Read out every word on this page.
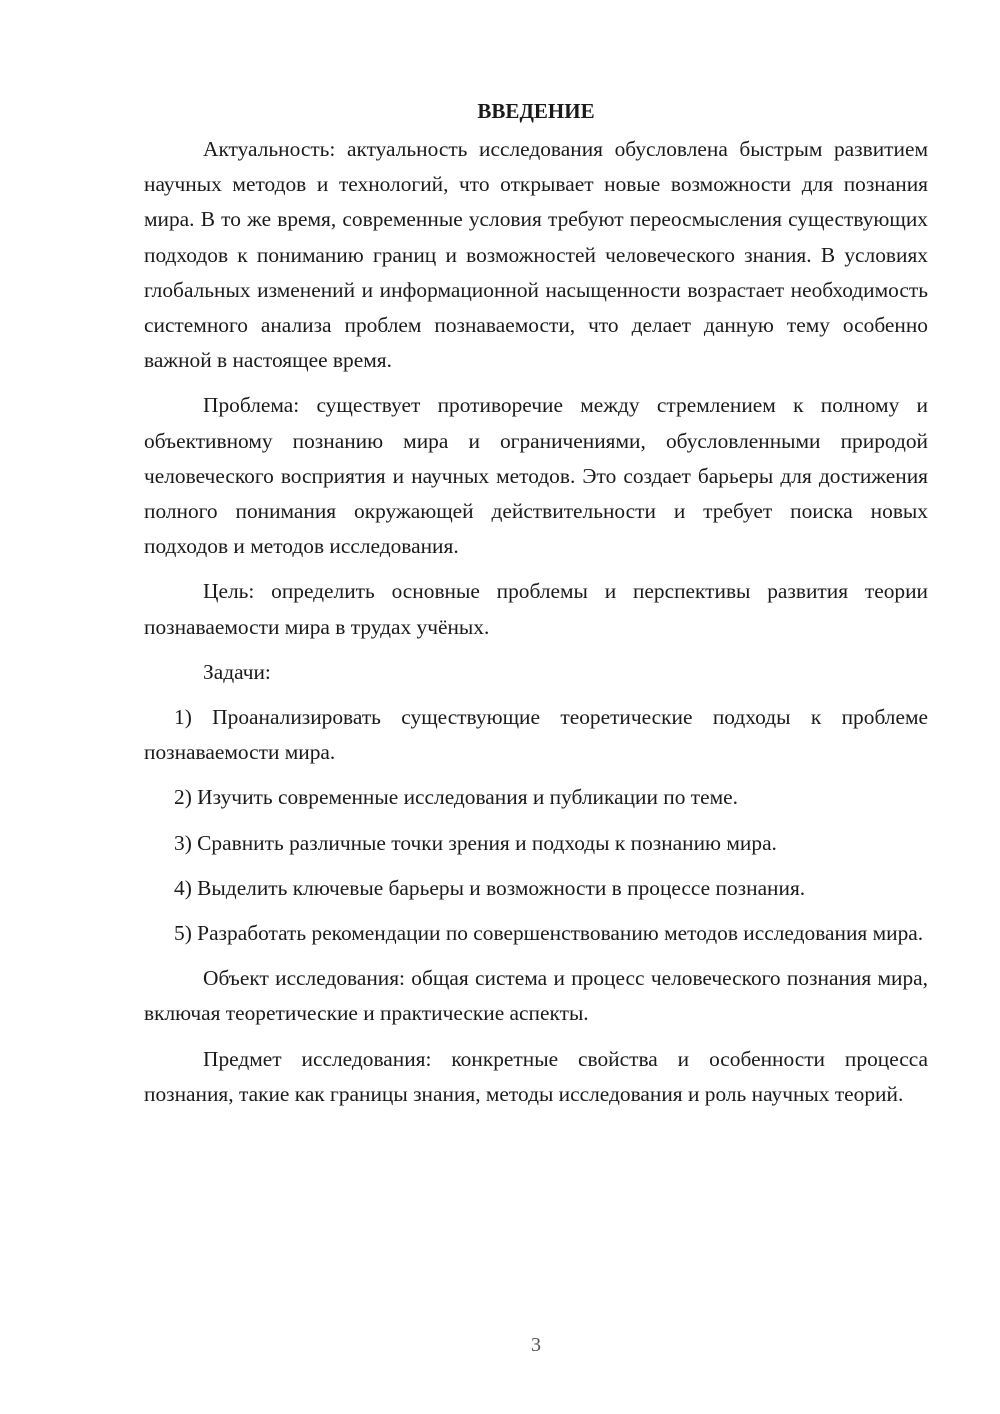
ВВЕДЕНИЕ

Актуальность: актуальность исследования обусловлена быстрым развитием научных методов и технологий, что открывает новые возможности для познания мира. В то же время, современные условия требуют переосмысления существующих подходов к пониманию границ и возможностей человеческого знания. В условиях глобальных изменений и информационной насыщенности возрастает необходимость системного анализа проблем познаваемости, что делает данную тему особенно важной в настоящее время.

Проблема: существует противоречие между стремлением к полному и объективному познанию мира и ограничениями, обусловленными природой человеческого восприятия и научных методов. Это создает барьеры для достижения полного понимания окружающей действительности и требует поиска новых подходов и методов исследования.

Цель: определить основные проблемы и перспективы развития теории познаваемости мира в трудах учёных.

Задачи:

1) Проанализировать существующие теоретические подходы к проблеме познаваемости мира.

2) Изучить современные исследования и публикации по теме.

3) Сравнить различные точки зрения и подходы к познанию мира.

4) Выделить ключевые барьеры и возможности в процессе познания.

5) Разработать рекомендации по совершенствованию методов исследования мира.

Объект исследования: общая система и процесс человеческого познания мира, включая теоретические и практические аспекты.

Предмет исследования: конкретные свойства и особенности процесса познания, такие как границы знания, методы исследования и роль научных теорий.

3
